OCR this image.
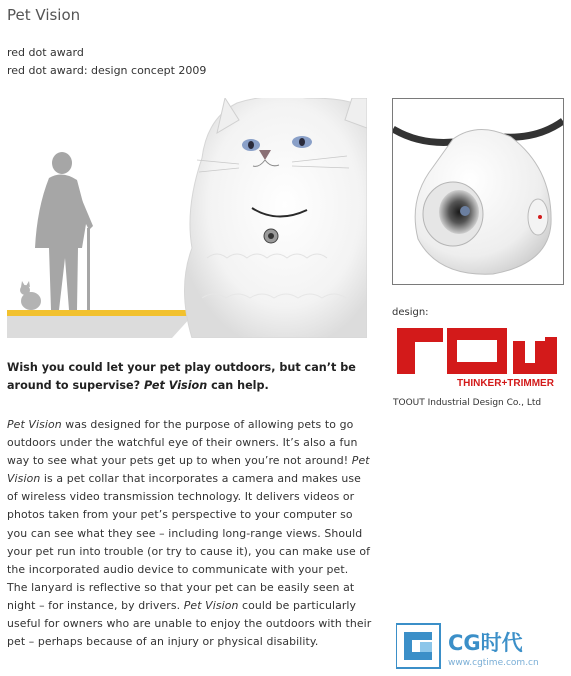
Pet Vision
red dot award
red dot award: design concept 2009
design:
THINKER+TRIMMER
TOOUT Industrial Design Co., Ltd

Wish you could let your pet play outdoors, but can’t be around to supervise? Pet Vision can help.

Pet Vision was designed for the purpose of allowing pets to go outdoors under the watchful eye of their owners. It’s also a fun way to see what your pets get up to when you’re not around! Pet Vision is a pet collar that incorporates a camera and makes use of wireless video transmission technology. It delivers videos or photos taken from your pet’s perspective to your computer so you can see what they see – including long-range views. Should your pet run into trouble (or try to cause it), you can make use of the incorporated audio device to communicate with your pet. The lanyard is reflective so that your pet can be easily seen at night – for instance, by drivers. Pet Vision could be particularly useful for owners who are unable to enjoy the outdoors with their pet – perhaps because of an injury or physical disability.	CG时代
www.cgtime.com.cn
